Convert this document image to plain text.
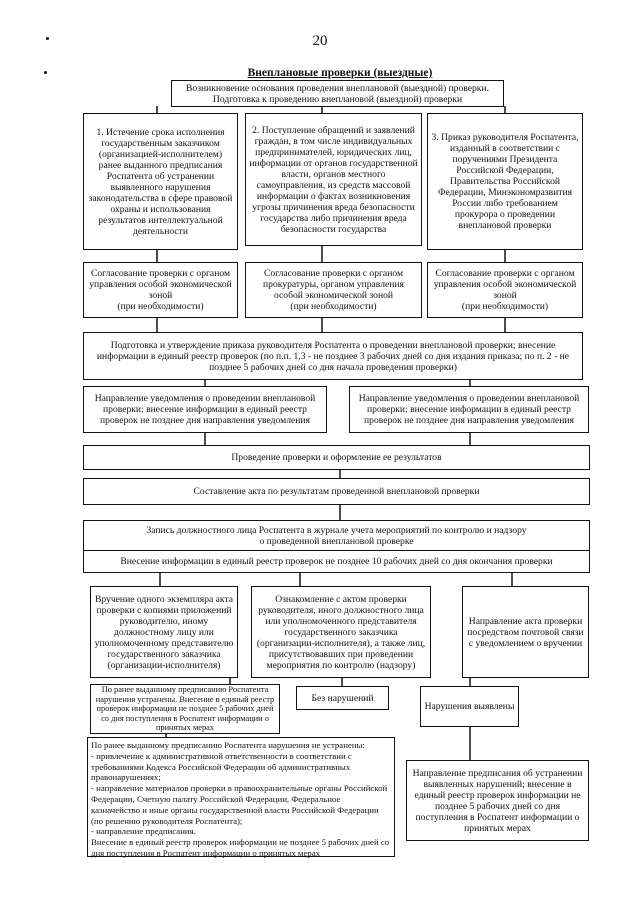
20
Внеплановые проверки (выездные)
Возникновение основания проведения внеплановой (выездной) проверки.
Подготовка к проведению внеплановой (выездной) проверки
1. Истечение срока исполнения государственным заказчиком (организацией-исполнителем) ранее выданного предписания Роспатента об устранении выявленного нарушения законодательства в сфере правовой охраны и использования результатов интеллектуальной деятельности
2. Поступление обращений и заявлений граждан, в том числе индивидуальных предпринимателей, юридических лиц, информации от органов государственной власти, органов местного самоуправления, из средств массовой информации о фактах возникновения угрозы причинения вреда безопасности государства либо причинения вреда безопасности государства
3. Приказ руководителя Роспатента, изданный в соответствии с поручениями Президента Российской Федерации, Правительства Российской Федерации, Минэкономразвития России либо требованием прокурора о проведении внеплановой проверки
Согласование проверки с органом управления особой экономической зоной
(при необходимости)
Согласование проверки с органом прокуратуры, органом управления особой экономической зоной
(при необходимости)
Согласование проверки с органом управления особой экономической зоной
(при необходимости)
Подготовка и утверждение приказа руководителя Роспатента о проведении внеплановой проверки; внесение информации в единый реестр проверок (по п.п. 1,3 - не позднее 3 рабочих дней со дня издания приказа; по п. 2 - не позднее 5 рабочих дней со дня начала проведения проверки)
Направление уведомления о проведении внеплановой проверки; внесение информации в единый реестр проверок не позднее дня направления уведомления
Направление уведомления о проведении внеплановой проверки; внесение информации в единый реестр проверок не позднее дня направления уведомления
Проведение проверки и оформление ее результатов
Составление акта по результатам проведенной внеплановой проверки
Запись должностного лица Роспатента в журнале учета мероприятий по контролю и надзору
о проведенной внеплановой проверке
Внесение информации в единый реестр проверок не позднее 10 рабочих дней со дня окончания проверки
Вручение одного экземпляра акта проверки с копиями приложений руководителю, иному должностному лицу или уполномоченному представителю государственного заказчика (организации-исполнителя)
Ознакомление с актом проверки руководителя, иного должностного лица или уполномоченного представителя государственного заказчика (организации-исполнителя), а также лиц, присутствовавших при проведении мероприятия по контролю (надзору)
Направление акта проверки посредством почтовой связи с уведомлением о вручении
По ранее выданному предписанию Роспатента нарушения устранены. Внесение в единый реестр проверок информации не позднее 5 рабочих дней со дня поступления в Роспатент информации о принятых мерах
Без нарушений
Нарушения выявлены
По ранее выданному предписанию Роспатента нарушения не устранены:
- привлечение к административной ответственности в соответствии с требованиями Кодекса Российской Федерации об административных правонарушениях;
- направление материалов проверки в правоохранительные органы Российской Федерации, Счетную палату Российской Федерации, Федеральное казначейство и иные органы государственной власти Российской Федерации (по решению руководителя Роспатента);
- направление предписания.
Внесение в единый реестр проверок информации не позднее 5 рабочих дней со дня поступления в Роспатент информации о принятых мерах
Направление предписания об устранении выявленных нарушений; внесение в единый реестр проверок информации не позднее 5 рабочих дней со дня поступления в Роспатент информации о принятых мерах
